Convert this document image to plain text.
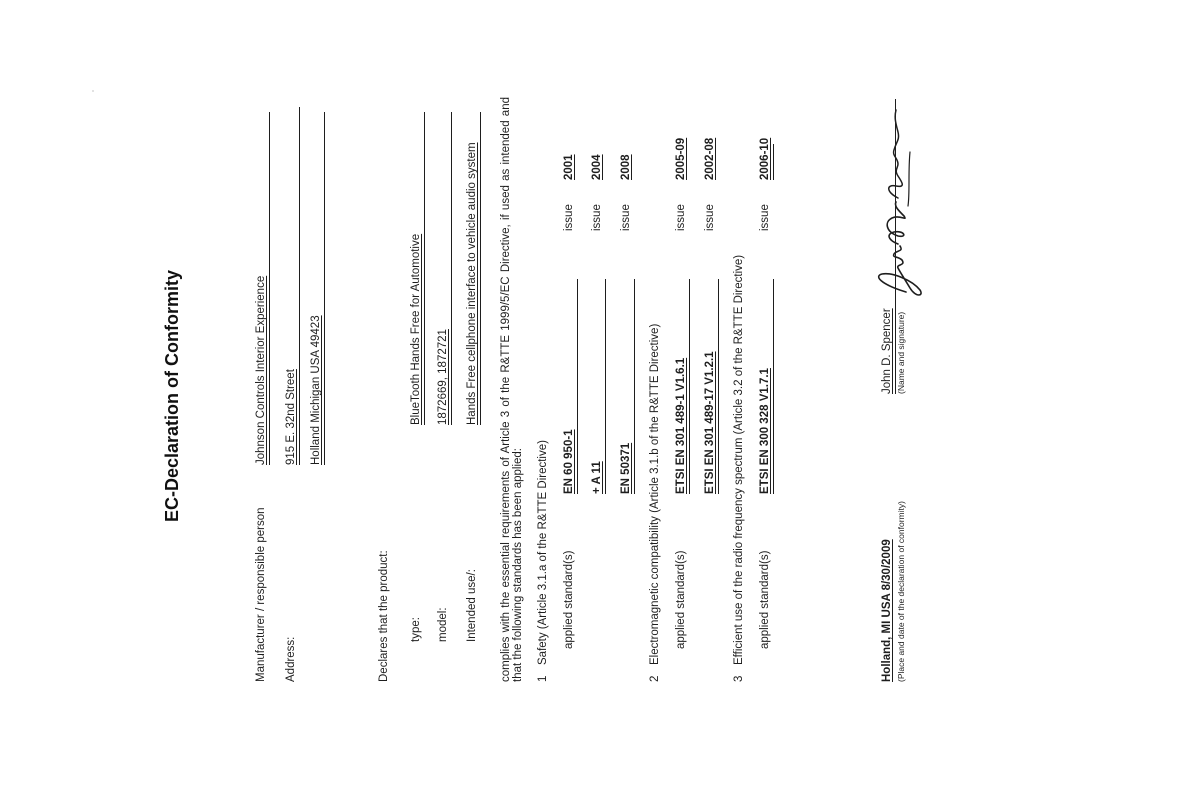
EC-Declaration of Conformity
Manufacturer / responsible person
Johnson Controls Interior Experience
Address:
915 E. 32nd Street Holland Michigan USA 49423
Declares that the product: type:
BlueTooth Hands Free for Automotive
model:
1872669, 1872721
Intended use/:
Hands Free cellphone interface to vehicle audio system complies with the essential requirements of Article 3 of the R&TTE 1999/5/EC Directive, if used as intended and that the following standards has been applied: 1
Safety (Article 3.1.a of the R&TTE Directive) applied standard(s)
EN 60 950-1
issue
2001
+ A 11
issue
2004
EN 50371
issue
2008
2
Electromagnetic compatibility (Article 3.1.b of the R&TTE Directive) applied standard(s)
ETSI EN 301 489-1 V1.6.1
issue
2005-09
ETSI EN 301 489-17 V1.2.1
issue
2002-08
3
Efficient use of the radio frequency spectrum (Article 3.2 of the R&TTE Directive) applied standard(s)
ETSI EN 300 328 V1.7.1
issue
2006-10
Holland, MI USA 8/30/2009 (Place and date of the declaration of conformity)
John D. Spencer (Name and signature)
